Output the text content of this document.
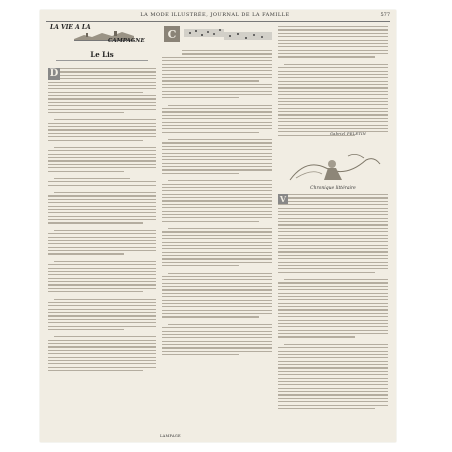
LA MODE ILLUSTRÉE, JOURNAL DE LA FAMILLE	577
LA VIE A LA
CAMPAGNE
Le Lis
D
C
Gabriel PELETIN
Chronique littéraire
V
LAMPAGE
